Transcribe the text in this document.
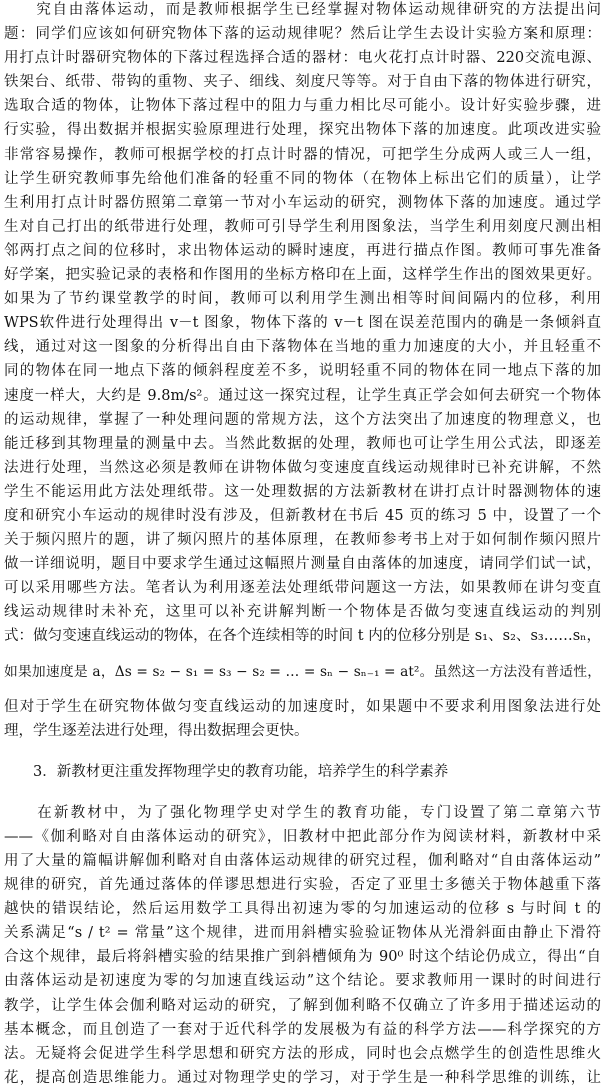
　　究自由落体运动，而是教师根据学生已经掌握对物体运动规律研究的方法提出问
题：同学们应该如何研究物体下落的运动规律呢？然后让学生去设计实验方案和原理：
用打点计时器研究物体的下落过程选择合适的器材：电火花打点计时器、220交流电源、
铁架台、纸带、带钩的重物、夹子、细线、刻度尺等等。对于自由下落的物体进行研究，
选取合适的物体，让物体下落过程中的阻力与重力相比尽可能小。设计好实验步骤，进
行实验，得出数据并根据实验原理进行处理，探究出物体下落的加速度。此项改进实验
非常容易操作，教师可根据学校的打点计时器的情况，可把学生分成两人或三人一组，
让学生研究教师事先给他们准备的轻重不同的物体（在物体上标出它们的质量），让学
生利用打点计时器仿照第二章第一节对小车运动的研究，测物体下落的加速度。通过学
生对自己打出的纸带进行处理，教师可引导学生利用图象法，当学生利用刻度尺测出相
邻两打点之间的位移时，求出物体运动的瞬时速度，再进行描点作图。教师可事先准备
好学案，把实验记录的表格和作图用的坐标方格印在上面，这样学生作出的图效果更好。
如果为了节约课堂教学的时间，教师可以利用学生测出相等时间间隔内的位移，利用
WPS软件进行处理得出 v－t 图象，物体下落的 v－t 图在误差范围内的确是一条倾斜直
线，通过对这一图象的分析得出自由下落物体在当地的重力加速度的大小，并且轻重不
同的物体在同一地点下落的倾斜程度差不多，说明轻重不同的物体在同一地点下落的加
速度一样大，大约是 9.8m/s²。通过这一探究过程，让学生真正学会如何去研究一个物体
的运动规律，掌握了一种处理问题的常规方法，这个方法突出了加速度的物理意义，也
能迁移到其物理量的测量中去。当然此数据的处理，教师也可让学生用公式法，即逐差
法进行处理，当然这必须是教师在讲物体做匀变速度直线运动规律时已补充讲解，不然
学生不能运用此方法处理纸带。这一处理数据的方法新教材在讲打点计时器测物体的速
度和研究小车运动的规律时没有涉及，但新教材在书后 45 页的练习 5 中，设置了一个
关于频闪照片的题，讲了频闪照片的基体原理，在教师参考书上对于如何制作频闪照片
做一详细说明，题目中要求学生通过这幅照片测量自由落体的加速度，请同学们试一试，
可以采用哪些方法。笔者认为利用逐差法处理纸带问题这一方法，如果教师在讲匀变直
线运动规律时未补充，这里可以补充讲解判断一个物体是否做匀变速直线运动的判别
式：做匀变速直线运动的物体，在各个连续相等的时间 t 内的位移分别是 s₁、s₂、s₃……sₙ，
如果加速度是 a，Δs = s₂ − s₁ = s₃ − s₂ = … = sₙ − sₙ₋₁ = at²。虽然这一方法没有普适性，
但对于学生在研究物体做匀变直线运动的加速度时，如果题中不要求利用图象法进行处
理，学生逐差法进行处理，得出数据理会更快。
　　3．新教材更注重发挥物理学史的教育功能，培养学生的科学素养
　　在新教材中，为了强化物理学史对学生的教育功能，专门设置了第二章第六节
——《伽利略对自由落体运动的研究》，旧教材中把此部分作为阅读材料，新教材中采
用了大量的篇幅讲解伽利略对自由落体运动规律的研究过程，伽利略对“自由落体运动”
规律的研究，首先通过落体的佯谬思想进行实验，否定了亚里士多德关于物体越重下落
越快的错误结论，然后运用数学工具得出初速为零的匀加速运动的位移 s 与时间 t 的
关系满足“s / t² = 常量”这个规律，进而用斜槽实验验证物体从光滑斜面由静止下滑符
合这个规律，最后将斜槽实验的结果推广到斜槽倾角为 90⁰ 时这个结论仍成立，得出“自
由落体运动是初速度为零的匀加速直线运动”这个结论。要求教师用一课时的时间进行
教学，让学生体会伽利略对运动的研究，了解到伽利略不仅确立了许多用于描述运动的
基本概念，而且创造了一套对于近代科学的发展极为有益的科学方法——科学探究的方
法。无疑将会促进学生科学思想和研究方法的形成，同时也会点燃学生的创造性思维火
花，提高创造思维能力。通过对物理学史的学习，对于学生是一种科学思维的训练，让
